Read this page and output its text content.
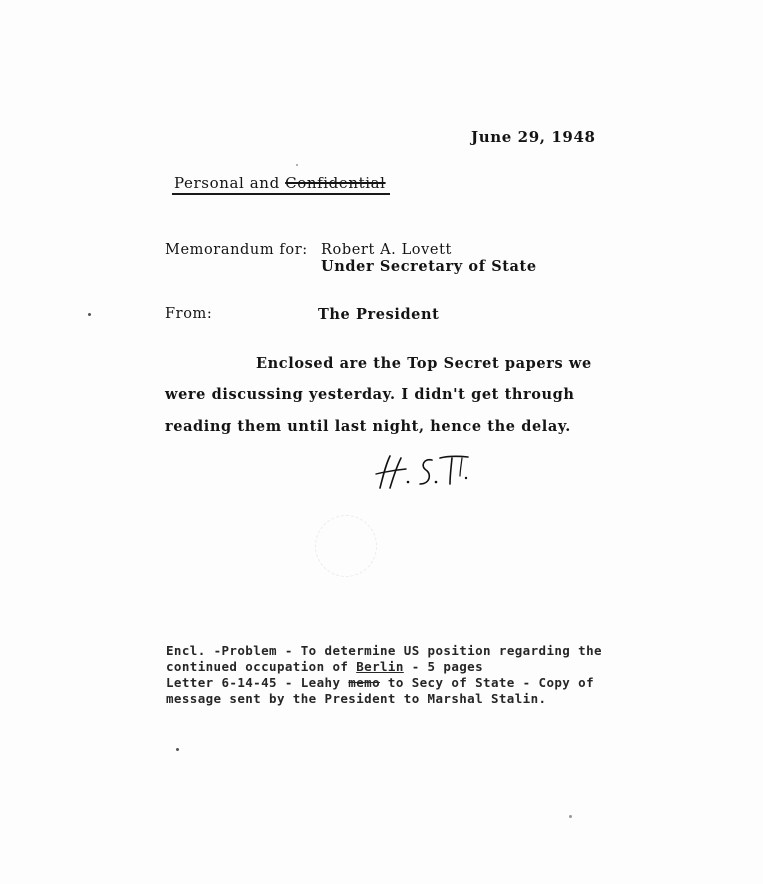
June 29, 1948
Personal and Confidential
Memorandum for: Robert A. Lovett
Under Secretary of State
From:	The President
Enclosed are the Top Secret papers we
were discussing yesterday. I didn't get through
reading them until last night, hence the delay.
Encl. -Problem - To determine US position regarding the
continued occupation of Berlin - 5 pages
Letter 6-14-45 - Leahy memo to Secy of State - Copy of
message sent by the President to Marshal Stalin.
